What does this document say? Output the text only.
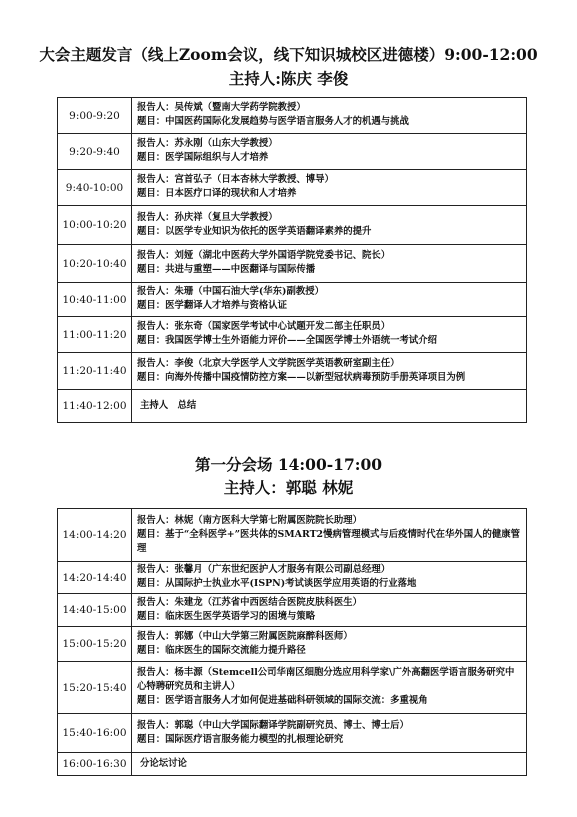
大会主题发言（线上Zoom会议，线下知识城校区进德楼）9:00-12:00
主持人:陈庆 李俊
9:00-9:20	报告人：吴传斌（暨南大学药学院教授）
题目：中国医药国际化发展趋势与医学语言服务人才的机遇与挑战

9:20-9:40	报告人：苏永刚（山东大学教授）
题目：医学国际组织与人才培养

9:40-10:00	报告人：宫首弘子（日本杏林大学教授、博导）
题目：日本医疗口译的现状和人才培养

10:00-10:20	报告人：孙庆祥（复旦大学教授）
题目：以医学专业知识为依托的医学英语翻译素养的提升

10:20-10:40	报告人：刘娅（湖北中医药大学外国语学院党委书记、院长）
题目：共进与重塑——中医翻译与国际传播

10:40-11:00	报告人：朱珊（中国石油大学(华东)副教授）
题目：医学翻译人才培养与资格认证

11:00-11:20	报告人：张东奇（国家医学考试中心试题开发二部主任职员）
题目：我国医学博士生外语能力评价——全国医学博士外语统一考试介绍

11:20-11:40	报告人：李俊（北京大学医学人文学院医学英语教研室副主任）
题目：向海外传播中国疫情防控方案——以新型冠状病毒预防手册英译项目为例

11:40-12:00	主持人　总结
第一分会场 14:00-17:00
主持人：郭聪 林妮
14:00-14:20	报告人：林妮（南方医科大学第七附属医院院长助理）
题目：基于“全科医学+”医共体的SMART2慢病管理模式与后疫情时代在华外国人的健康管理

14:20-14:40	报告人：张馨月（广东世纪医护人才服务有限公司副总经理）
题目：从国际护士执业水平(ISPN)考试谈医学应用英语的行业落地

14:40-15:00	报告人：朱建龙（江苏省中西医结合医院皮肤科医生）
题目：临床医生医学英语学习的困境与策略

15:00-15:20	报告人：郭娜（中山大学第三附属医院麻醉科医师）
题目：临床医生的国际交流能力提升路径

15:20-15:40	报告人：杨丰源（Stemcell公司华南区细胞分选应用科学家\广外高翻医学语言服务研究中心特聘研究员和主讲人）
题目：医学语言服务人才如何促进基础科研领域的国际交流：多重视角

15:40-16:00	报告人：郭聪（中山大学国际翻译学院副研究员、博士、博士后）
题目：国际医疗语言服务能力模型的扎根理论研究

16:00-16:30	分论坛讨论
